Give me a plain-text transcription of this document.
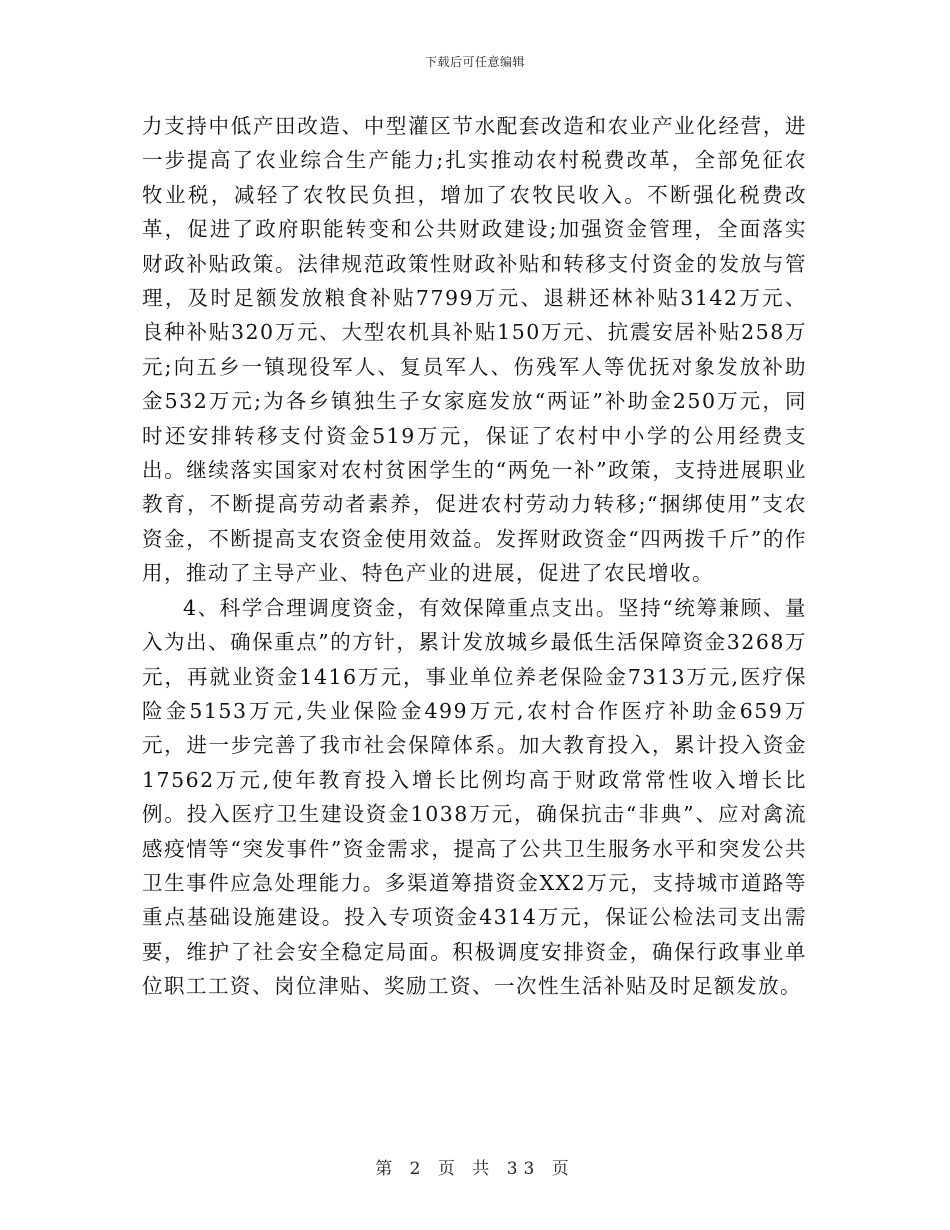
下载后可任意编辑

力支持中低产田改造、中型灌区节水配套改造和农业产业化经营，进一步提高了农业综合生产能力;扎实推动农村税费改革，全部免征农牧业税，减轻了农牧民负担，增加了农牧民收入。不断强化税费改革，促进了政府职能转变和公共财政建设;加强资金管理，全面落实财政补贴政策。法律规范政策性财政补贴和转移支付资金的发放与管理，及时足额发放粮食补贴7799万元、退耕还林补贴3142万元、良种补贴320万元、大型农机具补贴150万元、抗震安居补贴258万元;向五乡一镇现役军人、复员军人、伤残军人等优抚对象发放补助金532万元;为各乡镇独生子女家庭发放“两证”补助金250万元，同时还安排转移支付资金519万元，保证了农村中小学的公用经费支出。继续落实国家对农村贫困学生的“两免一补”政策，支持进展职业教育，不断提高劳动者素养，促进农村劳动力转移;“捆绑使用”支农资金，不断提高支农资金使用效益。发挥财政资金“四两拨千斤”的作用，推动了主导产业、特色产业的进展，促进了农民增收。

4、科学合理调度资金，有效保障重点支出。坚持“统筹兼顾、量入为出、确保重点”的方针，累计发放城乡最低生活保障资金3268万元，再就业资金1416万元，事业单位养老保险金7313万元,医疗保险金5153万元,失业保险金499万元,农村合作医疗补助金659万元，进一步完善了我市社会保障体系。加大教育投入，累计投入资金17562万元,使年教育投入增长比例均高于财政常常性收入增长比例。投入医疗卫生建设资金1038万元，确保抗击“非典”、应对禽流感疫情等“突发事件”资金需求，提高了公共卫生服务水平和突发公共卫生事件应急处理能力。多渠道筹措资金XX2万元，支持城市道路等重点基础设施建设。投入专项资金4314万元，保证公检法司支出需要，维护了社会安全稳定局面。积极调度安排资金，确保行政事业单位职工工资、岗位津贴、奖励工资、一次性生活补贴及时足额发放。

第 2 页 共 33 页
